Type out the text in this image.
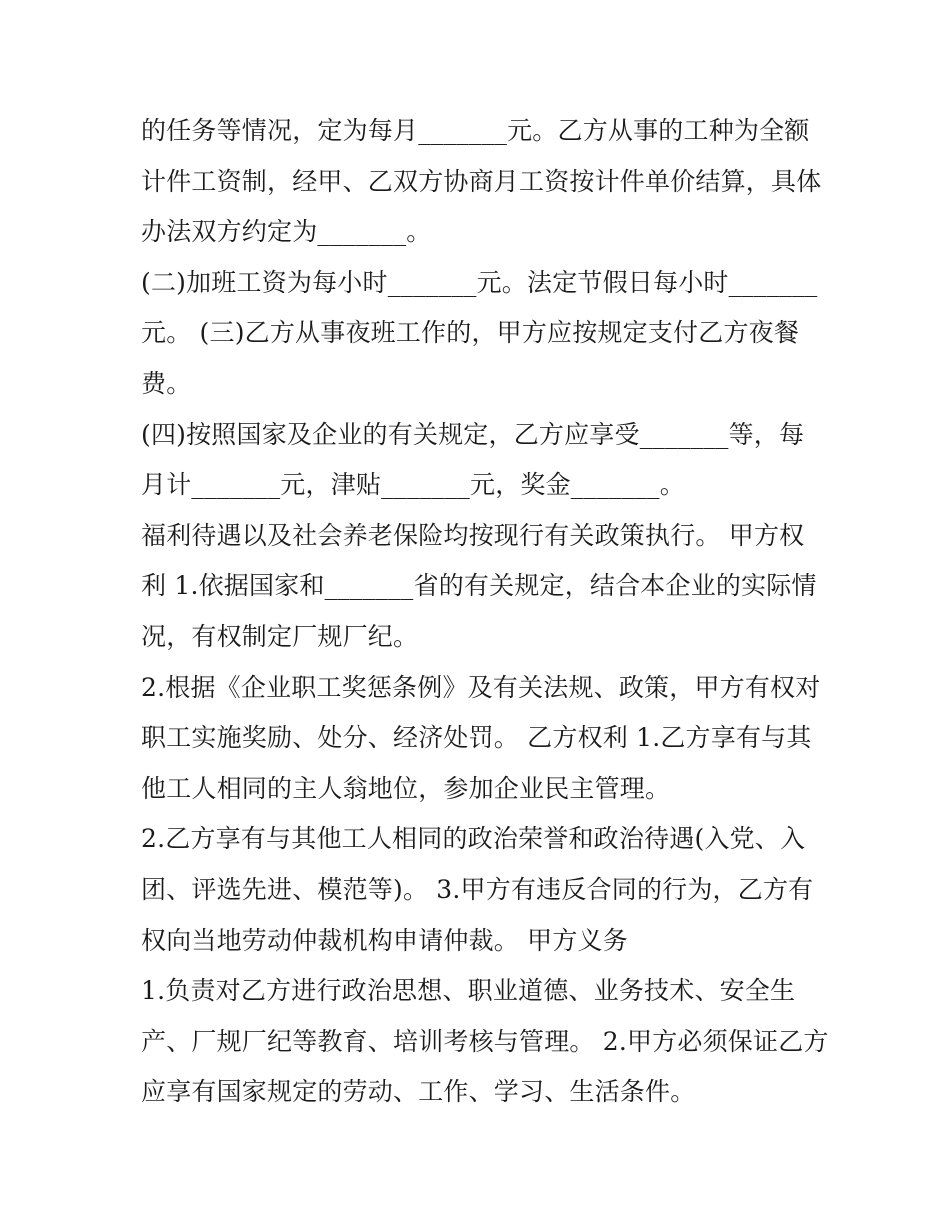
的任务等情况，定为每月_______元。乙方从事的工种为全额
计件工资制，经甲、乙双方协商月工资按计件单价结算，具体
办法双方约定为_______。
(二)加班工资为每小时_______元。法定节假日每小时_______
元。 (三)乙方从事夜班工作的，甲方应按规定支付乙方夜餐
费。
(四)按照国家及企业的有关规定，乙方应享受_______等，每
月计_______元，津贴_______元，奖金_______。
福利待遇以及社会养老保险均按现行有关政策执行。 甲方权
利 1.依据国家和_______省的有关规定，结合本企业的实际情
况，有权制定厂规厂纪。
2.根据《企业职工奖惩条例》及有关法规、政策，甲方有权对
职工实施奖励、处分、经济处罚。 乙方权利 1.乙方享有与其
他工人相同的主人翁地位，参加企业民主管理。
2.乙方享有与其他工人相同的政治荣誉和政治待遇(入党、入
团、评选先进、模范等)。 3.甲方有违反合同的行为，乙方有
权向当地劳动仲裁机构申请仲裁。 甲方义务
1.负责对乙方进行政治思想、职业道德、业务技术、安全生
产、厂规厂纪等教育、培训考核与管理。 2.甲方必须保证乙方
应享有国家规定的劳动、工作、学习、生活条件。
